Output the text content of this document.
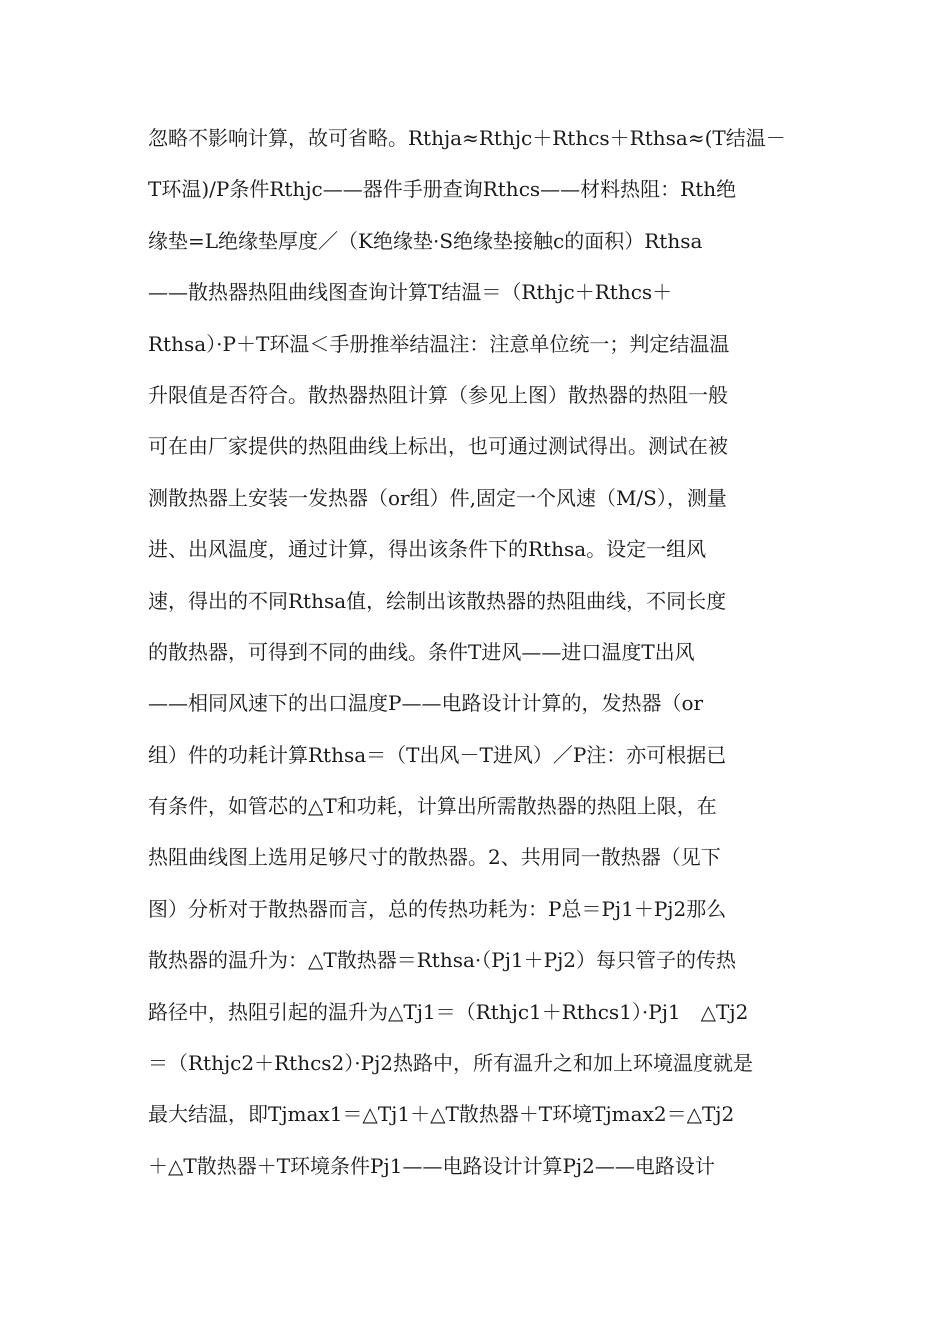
忽略不影响计算，故可省略。Rthja≈Rthjc＋Rthcs＋Rthsa≈(T结温－
T环温)/P条件Rthjc——器件手册查询Rthcs——材料热阻：Rth绝
缘垫=L绝缘垫厚度／（K绝缘垫·S绝缘垫接触c的面积）Rthsa
——散热器热阻曲线图查询计算T结温＝（Rthjc＋Rthcs＋
Rthsa）·P＋T环温＜手册推举结温注：注意单位统一；判定结温温
升限值是否符合。散热器热阻计算（参见上图）散热器的热阻一般
可在由厂家提供的热阻曲线上标出，也可通过测试得出。测试在被
测散热器上安装一发热器（or组）件,固定一个风速（M/S），测量
进、出风温度，通过计算，得出该条件下的Rthsa。设定一组风
速，得出的不同Rthsa值，绘制出该散热器的热阻曲线，不同长度
的散热器，可得到不同的曲线。条件T进风——进口温度T出风
——相同风速下的出口温度P——电路设计计算的，发热器（or
组）件的功耗计算Rthsa＝（T出风－T进风）／P注：亦可根据已
有条件，如管芯的△T和功耗，计算出所需散热器的热阻上限，在
热阻曲线图上选用足够尺寸的散热器。2、共用同一散热器（见下
图）分析对于散热器而言，总的传热功耗为：P总＝Pj1＋Pj2那么
散热器的温升为：△T散热器＝Rthsa·（Pj1＋Pj2）每只管子的传热
路径中，热阻引起的温升为△Tj1＝（Rthjc1＋Rthcs1）·Pj1　△Tj2
＝（Rthjc2＋Rthcs2）·Pj2热路中，所有温升之和加上环境温度就是
最大结温，即Tjmax1＝△Tj1＋△T散热器＋T环境Tjmax2＝△Tj2
＋△T散热器＋T环境条件Pj1——电路设计计算Pj2——电路设计
